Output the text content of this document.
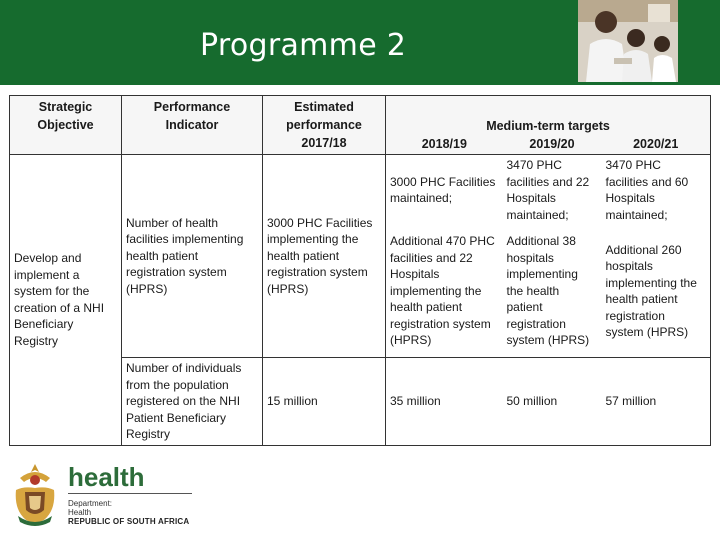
Programme 2
Strategic Objective	Performance Indicator	Estimated performance 2017/18	Medium-term targets
2018/19 2019/20 2020/21		

Develop and implement a system for the creation of a NHI Beneficiary Registry	Number of health facilities implementing health patient registration system (HPRS)	3000 PHC Facilities implementing the health patient registration system (HPRS)	3000 PHC Facilities maintained;	3470 PHC facilities and 22 Hospitals maintained;	3470 PHC facilities and 60 Hospitals maintained;
			Additional 470 PHC facilities and 22 Hospitals implementing the health patient registration system (HPRS)	Additional 38 hospitals implementing the health patient registration system (HPRS)	Additional 260 hospitals implementing the health patient registration system (HPRS)
	Number of individuals from the population registered on the NHI Patient Beneficiary Registry	15 million	35 million	50 million	57 million
health
Department:
Health
REPUBLIC OF SOUTH AFRICA
